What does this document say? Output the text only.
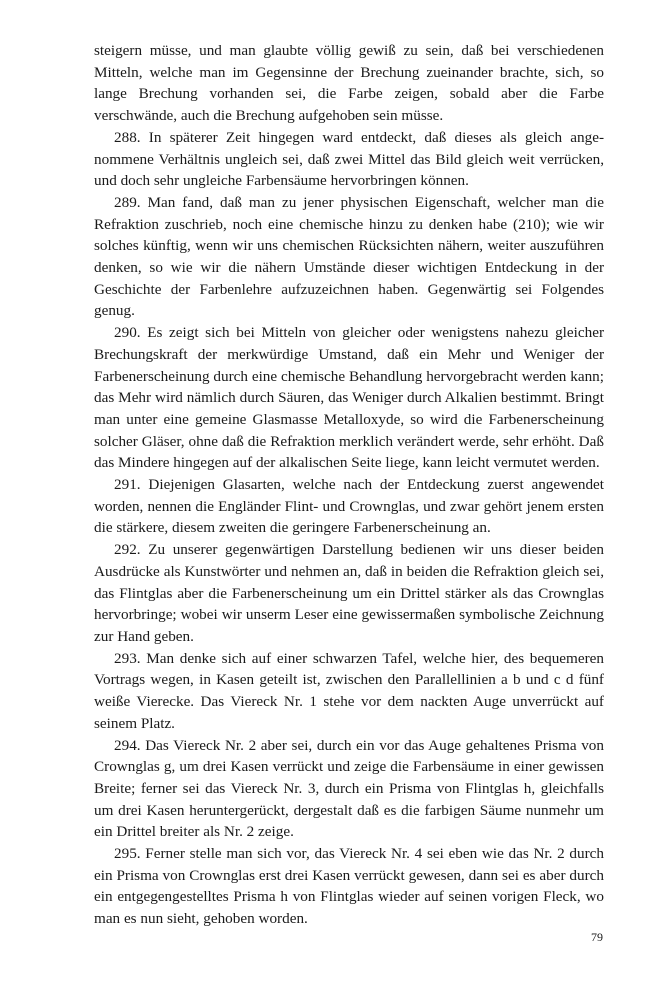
steigern müsse, und man glaubte völlig gewiß zu sein, daß bei verschiedenen Mitteln, welche man im Gegensinne der Brechung zueinander brachte, sich, so lange Brechung vorhanden sei, die Farbe zeigen, sobald aber die Farbe verschwände, auch die Brechung aufgehoben sein müsse.

288. In späterer Zeit hingegen ward entdeckt, daß dieses als gleich angenommene Verhältnis ungleich sei, daß zwei Mittel das Bild gleich weit verrücken, und doch sehr ungleiche Farbensäume hervorbringen können.

289. Man fand, daß man zu jener physischen Eigenschaft, welcher man die Refraktion zuschrieb, noch eine chemische hinzu zu denken habe (210); wie wir solches künftig, wenn wir uns chemischen Rücksichten nähern, weiter auszuführen denken, so wie wir die nähern Umstände dieser wichtigen Entdeckung in der Geschichte der Farbenlehre aufzuzeichnen haben. Gegenwärtig sei Folgendes genug.

290. Es zeigt sich bei Mitteln von gleicher oder wenigstens nahezu gleicher Brechungskraft der merkwürdige Umstand, daß ein Mehr und Weniger der Farbenerscheinung durch eine chemische Behandlung hervorgebracht werden kann; das Mehr wird nämlich durch Säuren, das Weniger durch Alkalien bestimmt. Bringt man unter eine gemeine Glasmasse Metalloxyde, so wird die Farbenerscheinung solcher Gläser, ohne daß die Refraktion merklich verändert werde, sehr erhöht. Daß das Mindere hingegen auf der alkalischen Seite liege, kann leicht vermutet werden.

291. Diejenigen Glasarten, welche nach der Entdeckung zuerst angewendet worden, nennen die Engländer Flint- und Crownglas, und zwar gehört jenem ersten die stärkere, diesem zweiten die geringere Farbenerscheinung an.

292. Zu unserer gegenwärtigen Darstellung bedienen wir uns dieser beiden Ausdrücke als Kunstwörter und nehmen an, daß in beiden die Refraktion gleich sei, das Flintglas aber die Farbenerscheinung um ein Drittel stärker als das Crownglas hervorbringe; wobei wir unserm Leser eine gewissermaßen symbolische Zeichnung zur Hand geben.

293. Man denke sich auf einer schwarzen Tafel, welche hier, des bequemeren Vortrags wegen, in Kasen geteilt ist, zwischen den Parallellinien a b und c d fünf weiße Vierecke. Das Viereck Nr. 1 stehe vor dem nackten Auge unverrückt auf seinem Platz.

294. Das Viereck Nr. 2 aber sei, durch ein vor das Auge gehaltenes Prisma von Crownglas g, um drei Kasen verrückt und zeige die Farbensäume in einer gewissen Breite; ferner sei das Viereck Nr. 3, durch ein Prisma von Flintglas h, gleichfalls um drei Kasen heruntergerückt, dergestalt daß es die farbigen Säume nunmehr um ein Drittel breiter als Nr. 2 zeige.

295. Ferner stelle man sich vor, das Viereck Nr. 4 sei eben wie das Nr. 2 durch ein Prisma von Crownglas erst drei Kasen verrückt gewesen, dann sei es aber durch ein entgegengestelltes Prisma h von Flintglas wieder auf seinen vorigen Fleck, wo man es nun sieht, gehoben worden.

79
